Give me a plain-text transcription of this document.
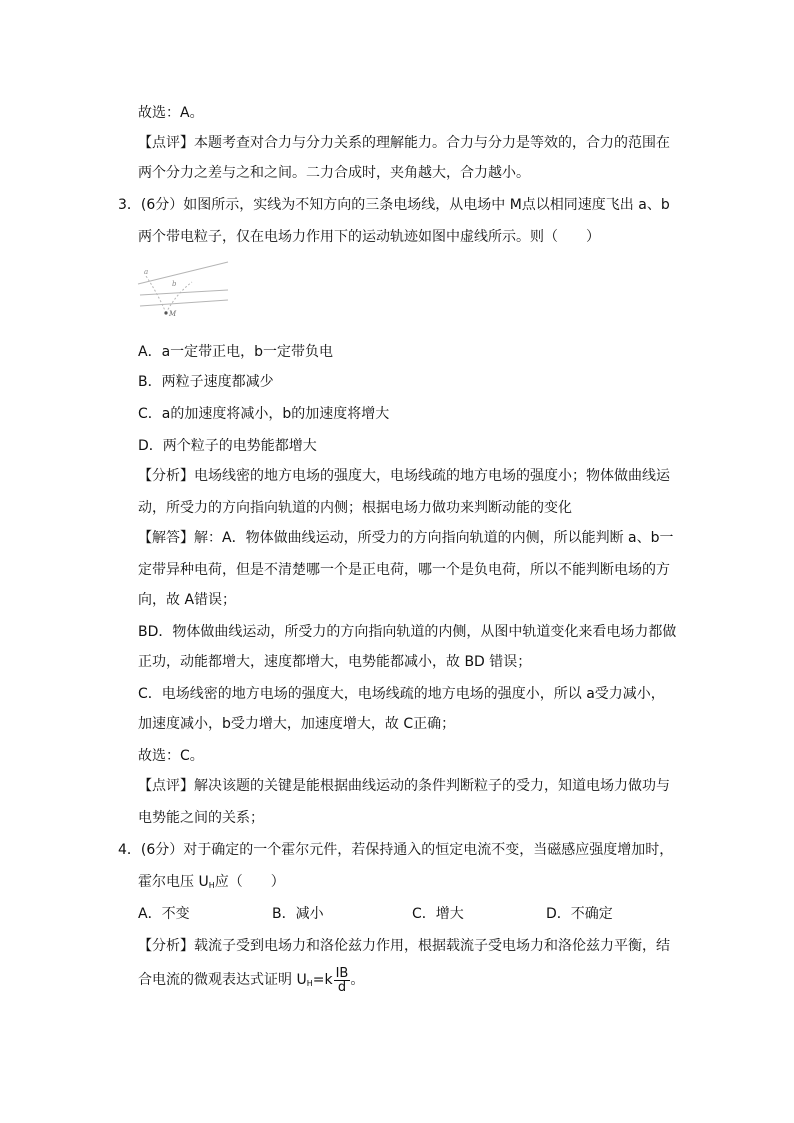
故选：A。
【点评】本题考查对合力与分力关系的理解能力。合力与分力是等效的，合力的范围在
两个分力之差与之和之间。二力合成时，夹角越大，合力越小。
3．(6分）如图所示，实线为不知方向的三条电场线，从电场中 M点以相同速度飞出 a、b
两个带电粒子，仅在电场力作用下的运动轨迹如图中虚线所示。则（　　）
a
b
M
A．a一定带正电，b一定带负电
B．两粒子速度都减少
C．a的加速度将减小，b的加速度将增大
D．两个粒子的电势能都增大
【分析】电场线密的地方电场的强度大，电场线疏的地方电场的强度小；物体做曲线运
动，所受力的方向指向轨道的内侧；根据电场力做功来判断动能的变化
【解答】解：A．物体做曲线运动，所受力的方向指向轨道的内侧，所以能判断 a、b一
定带异种电荷，但是不清楚哪一个是正电荷，哪一个是负电荷，所以不能判断电场的方
向，故 A错误；
BD．物体做曲线运动，所受力的方向指向轨道的内侧，从图中轨道变化来看电场力都做
正功，动能都增大，速度都增大，电势能都减小，故 BD 错误；
C．电场线密的地方电场的强度大，电场线疏的地方电场的强度小，所以 a受力减小，
加速度减小，b受力增大，加速度增大，故 C正确；
故选：C。
【点评】解决该题的关键是能根据曲线运动的条件判断粒子的受力，知道电场力做功与
电势能之间的关系；
4．(6分）对于确定的一个霍尔元件，若保持通入的恒定电流不变，当磁感应强度增加时，
霍尔电压 $U_H$应（　　）
A．不变	B．减小	C．增大	D．不确定
【分析】载流子受到电场力和洛伦兹力作用，根据载流子受电场力和洛伦兹力平衡，结
合电流的微观表达式证明 $U_H=k \frac{IB}{d}$ 。
